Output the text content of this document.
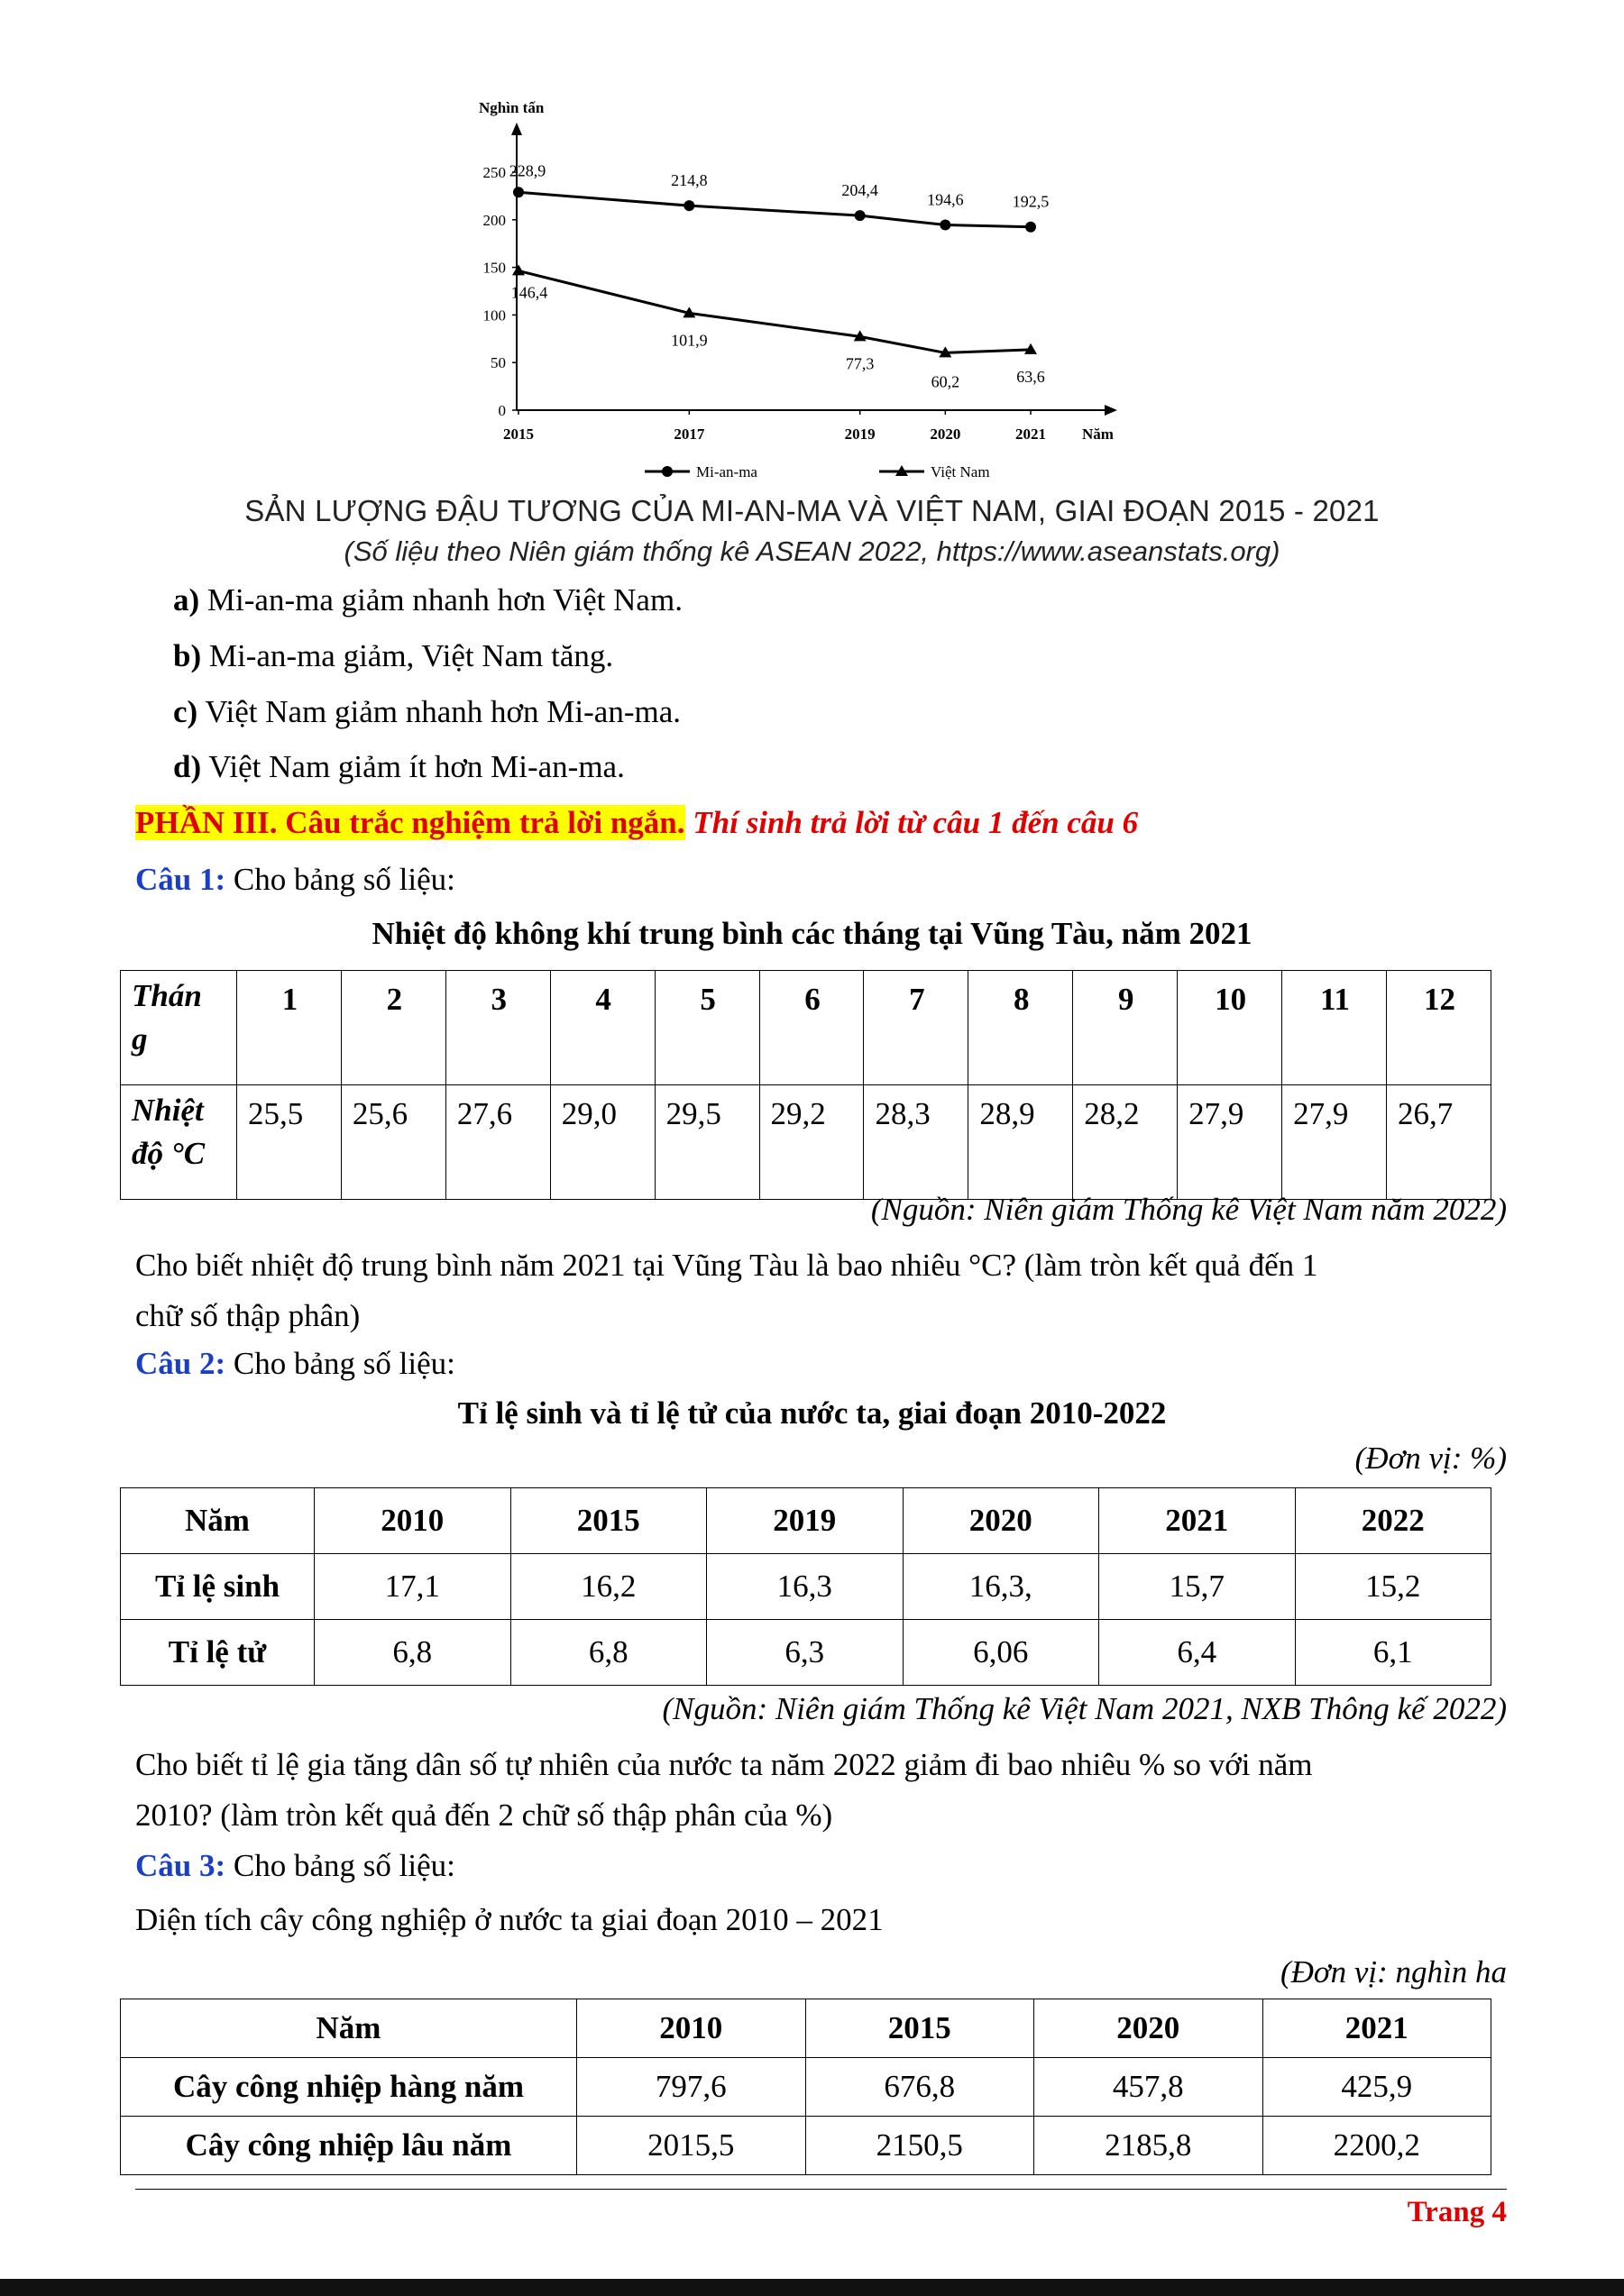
Nghìn tấn
Năm
0
50
100
150
200
250
2015	2017	2019	2020	2021
228,9
214,8
204,4
194,6	192,5
146,4
101,9
77,3
60,2	63,6
Mi-an-ma	Việt Nam
SẢN LƯỢNG ĐẬU TƯƠNG CỦA MI-AN-MA VÀ VIỆT NAM, GIAI ĐOẠN 2015 - 2021
(Số liệu theo Niên giám thống kê ASEAN 2022, https://www.aseanstats.org)
a) Mi-an-ma giảm nhanh hơn Việt Nam.
b) Mi-an-ma giảm, Việt Nam tăng.
c) Việt Nam giảm nhanh hơn Mi-an-ma.
d) Việt Nam giảm ít hơn Mi-an-ma.
PHẦN III. Câu trắc nghiệm trả lời ngắn. Thí sinh trả lời từ câu 1 đến câu 6
Câu 1: Cho bảng số liệu:
Nhiệt độ không khí trung bình các tháng tại Vũng Tàu, năm 2021
Thán
g	1	2	3	4	5	6	7	8	9	10	11	12
Nhiệt
độ °C	25,5	25,6	27,6	29,0	29,5	29,2	28,3	28,9	28,2	27,9	27,9	26,7
(Nguồn: Niên giám Thống kê Việt Nam năm 2022)
Cho biết nhiệt độ trung bình năm 2021 tại Vũng Tàu là bao nhiêu °C? (làm tròn kết quả đến 1
chữ số thập phân)
Câu 2: Cho bảng số liệu:
Tỉ lệ sinh và tỉ lệ tử của nước ta, giai đoạn 2010-2022
(Đơn vị: %)
Năm	2010	2015	2019	2020	2021	2022
Tỉ lệ sinh	17,1	16,2	16,3	16,3,	15,7	15,2
Tỉ lệ tử	6,8	6,8	6,3	6,06	6,4	6,1
(Nguồn: Niên giám Thống kê Việt Nam 2021, NXB Thông kế 2022)
Cho biết tỉ lệ gia tăng dân số tự nhiên của nước ta năm 2022 giảm đi bao nhiêu % so với năm
2010? (làm tròn kết quả đến 2 chữ số thập phân của %)
Câu 3: Cho bảng số liệu:
Diện tích cây công nghiệp ở nước ta giai đoạn 2010 – 2021
(Đơn vị: nghìn ha
Năm	2010	2015	2020	2021
Cây công nhiệp hàng năm	797,6	676,8	457,8	425,9
Cây công nhiệp lâu năm	2015,5	2150,5	2185,8	2200,2
Trang 4
